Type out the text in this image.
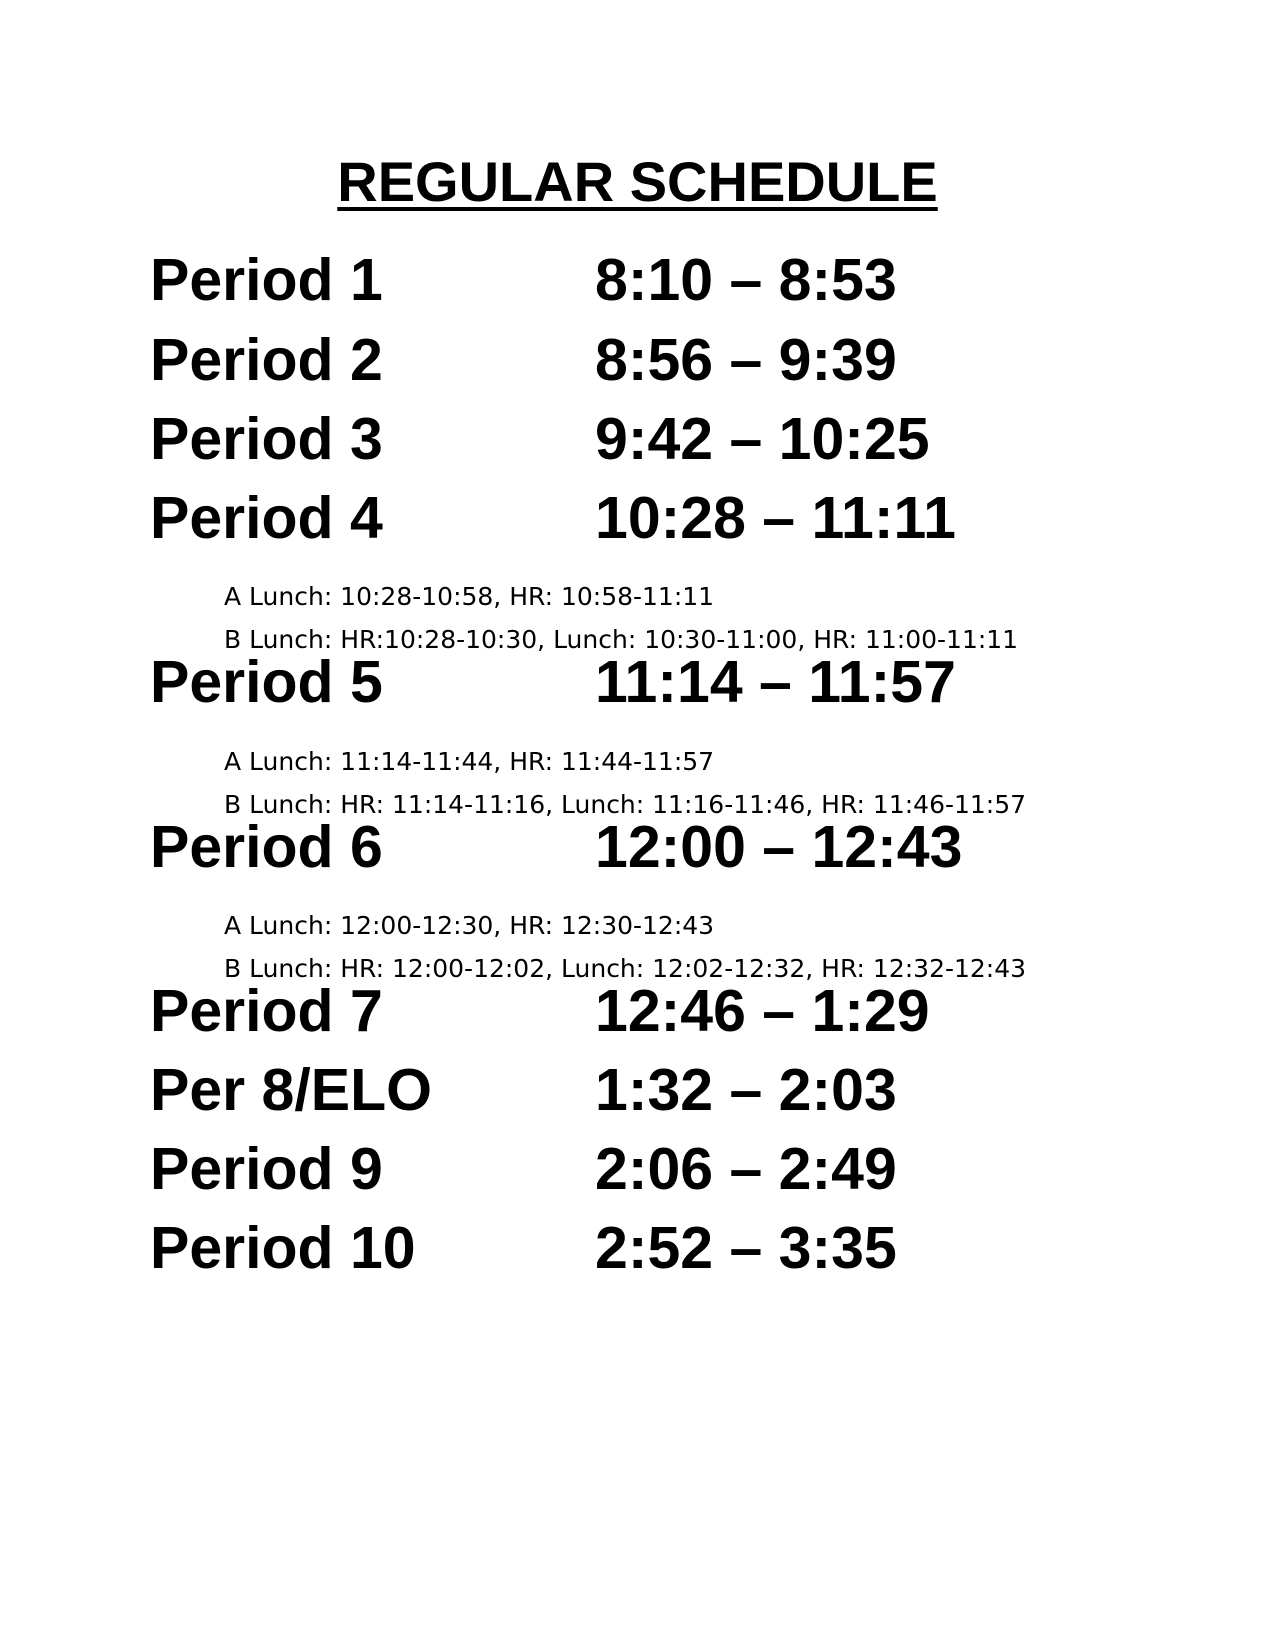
REGULAR SCHEDULE
Period 1	8:10 – 8:53
Period 2	8:56 – 9:39
Period 3	9:42 – 10:25
Period 4	10:28 – 11:11
A Lunch: 10:28-10:58, HR: 10:58-11:11
B Lunch: HR:10:28-10:30, Lunch: 10:30-11:00, HR: 11:00-11:11
Period 5	11:14 – 11:57
A Lunch: 11:14-11:44, HR: 11:44-11:57
B Lunch: HR: 11:14-11:16, Lunch: 11:16-11:46, HR: 11:46-11:57
Period 6	12:00 – 12:43
A Lunch: 12:00-12:30, HR: 12:30-12:43
B Lunch: HR: 12:00-12:02, Lunch: 12:02-12:32, HR: 12:32-12:43
Period 7	12:46 – 1:29
Per 8/ELO	1:32 – 2:03
Period 9	2:06 – 2:49
Period 10	2:52 – 3:35
